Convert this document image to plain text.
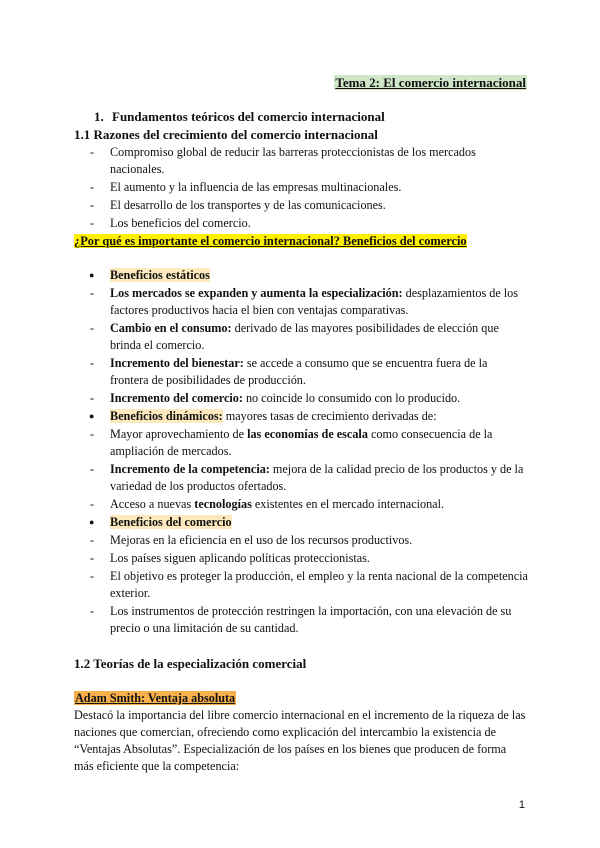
Tema 2: El comercio internacional
1. Fundamentos teóricos del comercio internacional
1.1 Razones del crecimiento del comercio internacional
- Compromiso global de reducir las barreras proteccionistas de los mercados nacionales.
- El aumento y la influencia de las empresas multinacionales.
- El desarrollo de los transportes y de las comunicaciones.
- Los beneficios del comercio.
¿Por qué es importante el comercio internacional? Beneficios del comercio
● Beneficios estáticos
- Los mercados se expanden y aumenta la especialización: desplazamientos de los factores productivos hacia el bien con ventajas comparativas.
- Cambio en el consumo: derivado de las mayores posibilidades de elección que brinda el comercio.
- Incremento del bienestar: se accede a consumo que se encuentra fuera de la frontera de posibilidades de producción.
- Incremento del comercio: no coincide lo consumido con lo producido.
● Beneficios dinámicos: mayores tasas de crecimiento derivadas de:
- Mayor aprovechamiento de las economías de escala como consecuencia de la ampliación de mercados.
- Incremento de la competencia: mejora de la calidad precio de los productos y de la variedad de los productos ofertados.
- Acceso a nuevas tecnologías existentes en el mercado internacional.
● Beneficios del comercio
- Mejoras en la eficiencia en el uso de los recursos productivos.
- Los países siguen aplicando políticas proteccionistas.
- El objetivo es proteger la producción, el empleo y la renta nacional de la competencia exterior.
- Los instrumentos de protección restringen la importación, con una elevación de su precio o una limitación de su cantidad.
1.2 Teorías de la especialización comercial
Adam Smith: Ventaja absoluta

Destacó la importancia del libre comercio internacional en el incremento de la riqueza de las naciones que comercian, ofreciendo como explicación del intercambio la existencia de “Ventajas Absolutas”. Especialización de los países en los bienes que producen de forma más eficiente que la competencia:

1
